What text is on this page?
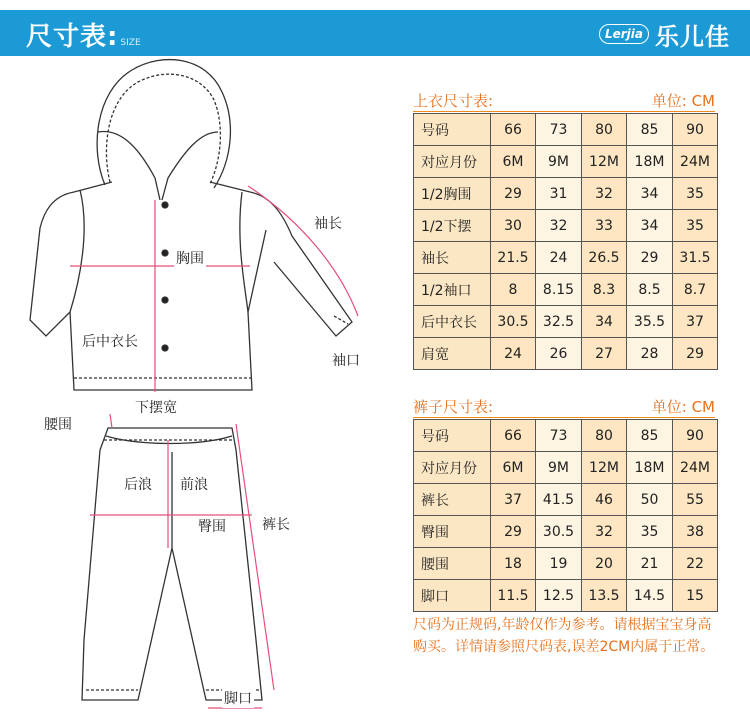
尺寸表: SIZE
Lerjia 乐儿佳
袖长
胸围
后中衣长
袖口
下摆宽
腰围
后浪 前浪
臀围	裤长
脚口
上衣尺寸表:	单位: CM
号码	66	73	80	85	90
对应月份	6M	9M	12M	18M	24M
1/2胸围	29	31	32	34	35
1/2下摆	30	32	33	34	35
袖长	21.5	24	26.5	29	31.5
1/2袖口	8	8.15	8.3	8.5	8.7
后中衣长	30.5	32.5	34	35.5	37
肩宽	24	26	27	28	29
裤子尺寸表:	单位: CM
号码	66	73	80	85	90
对应月份	6M	9M	12M	18M	24M
裤长	37	41.5	46	50	55
臀围	29	30.5	32	35	38
腰围	18	19	20	21	22
脚口	11.5	12.5	13.5	14.5	15
尺码为正规码,年龄仅作为参考。请根据宝宝身高购买。详情请参照尺码表,误差2CM内属于正常。
